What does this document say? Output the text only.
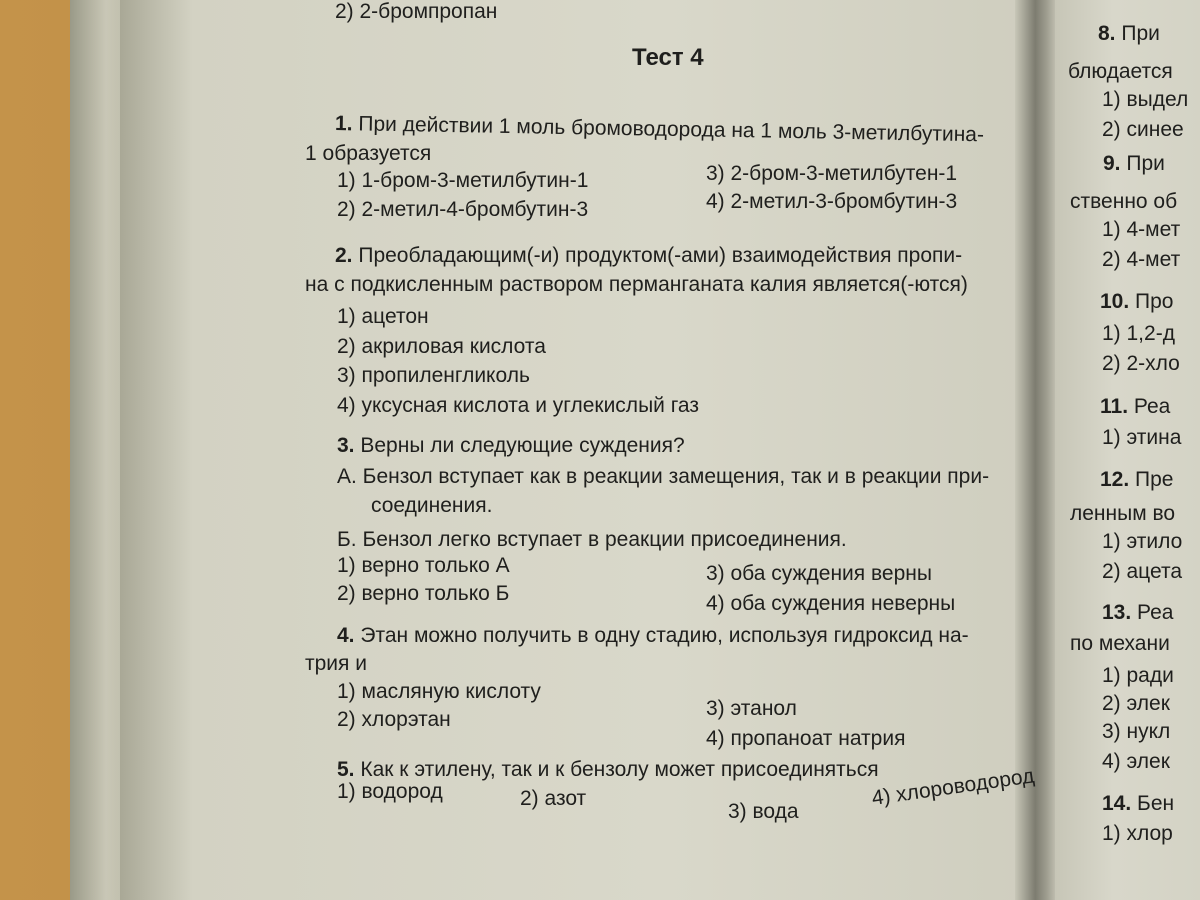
2) 2-бромпропан
Тест 4
1. При действии 1 моль бромоводорода на 1 моль 3-метилбутина-
1 образуется
1) 1-бром-3-метилбутин-1
2) 2-метил-4-бромбутин-3
3) 2-бром-3-метилбутен-1
4) 2-метил-3-бромбутин-3
2. Преобладающим(-и) продуктом(-ами) взаимодействия пропи-
на с подкисленным раствором перманганата калия является(-ются)
1) ацетон
2) акриловая кислота
3) пропиленгликоль
4) уксусная кислота и углекислый газ
3. Верны ли следующие суждения?
А. Бензол вступает как в реакции замещения, так и в реакции при-
соединения.
Б. Бензол легко вступает в реакции присоединения.
1) верно только А
2) верно только Б
3) оба суждения верны
4) оба суждения неверны
4. Этан можно получить в одну стадию, используя гидроксид на-
трия и
1) масляную кислоту
2) хлорэтан	3) этанол
4) пропаноат натрия
5. Как к этилену, так и к бензолу может присоединяться
1) водород	2) азот
3) вода
4) хлороводород
8. При
блюдается
1) выдел
2) синее
9. При
ственно об
1) 4-мет
2) 4-мет
10. Про
1) 1,2-д
2) 2-хло
11. Реа
1) этина
12. Пре
ленным во
1) этило
2) ацета
13. Реа
по механи
1) ради
2) элек
3) нукл
4) элек
14. Бен
1) хлор
